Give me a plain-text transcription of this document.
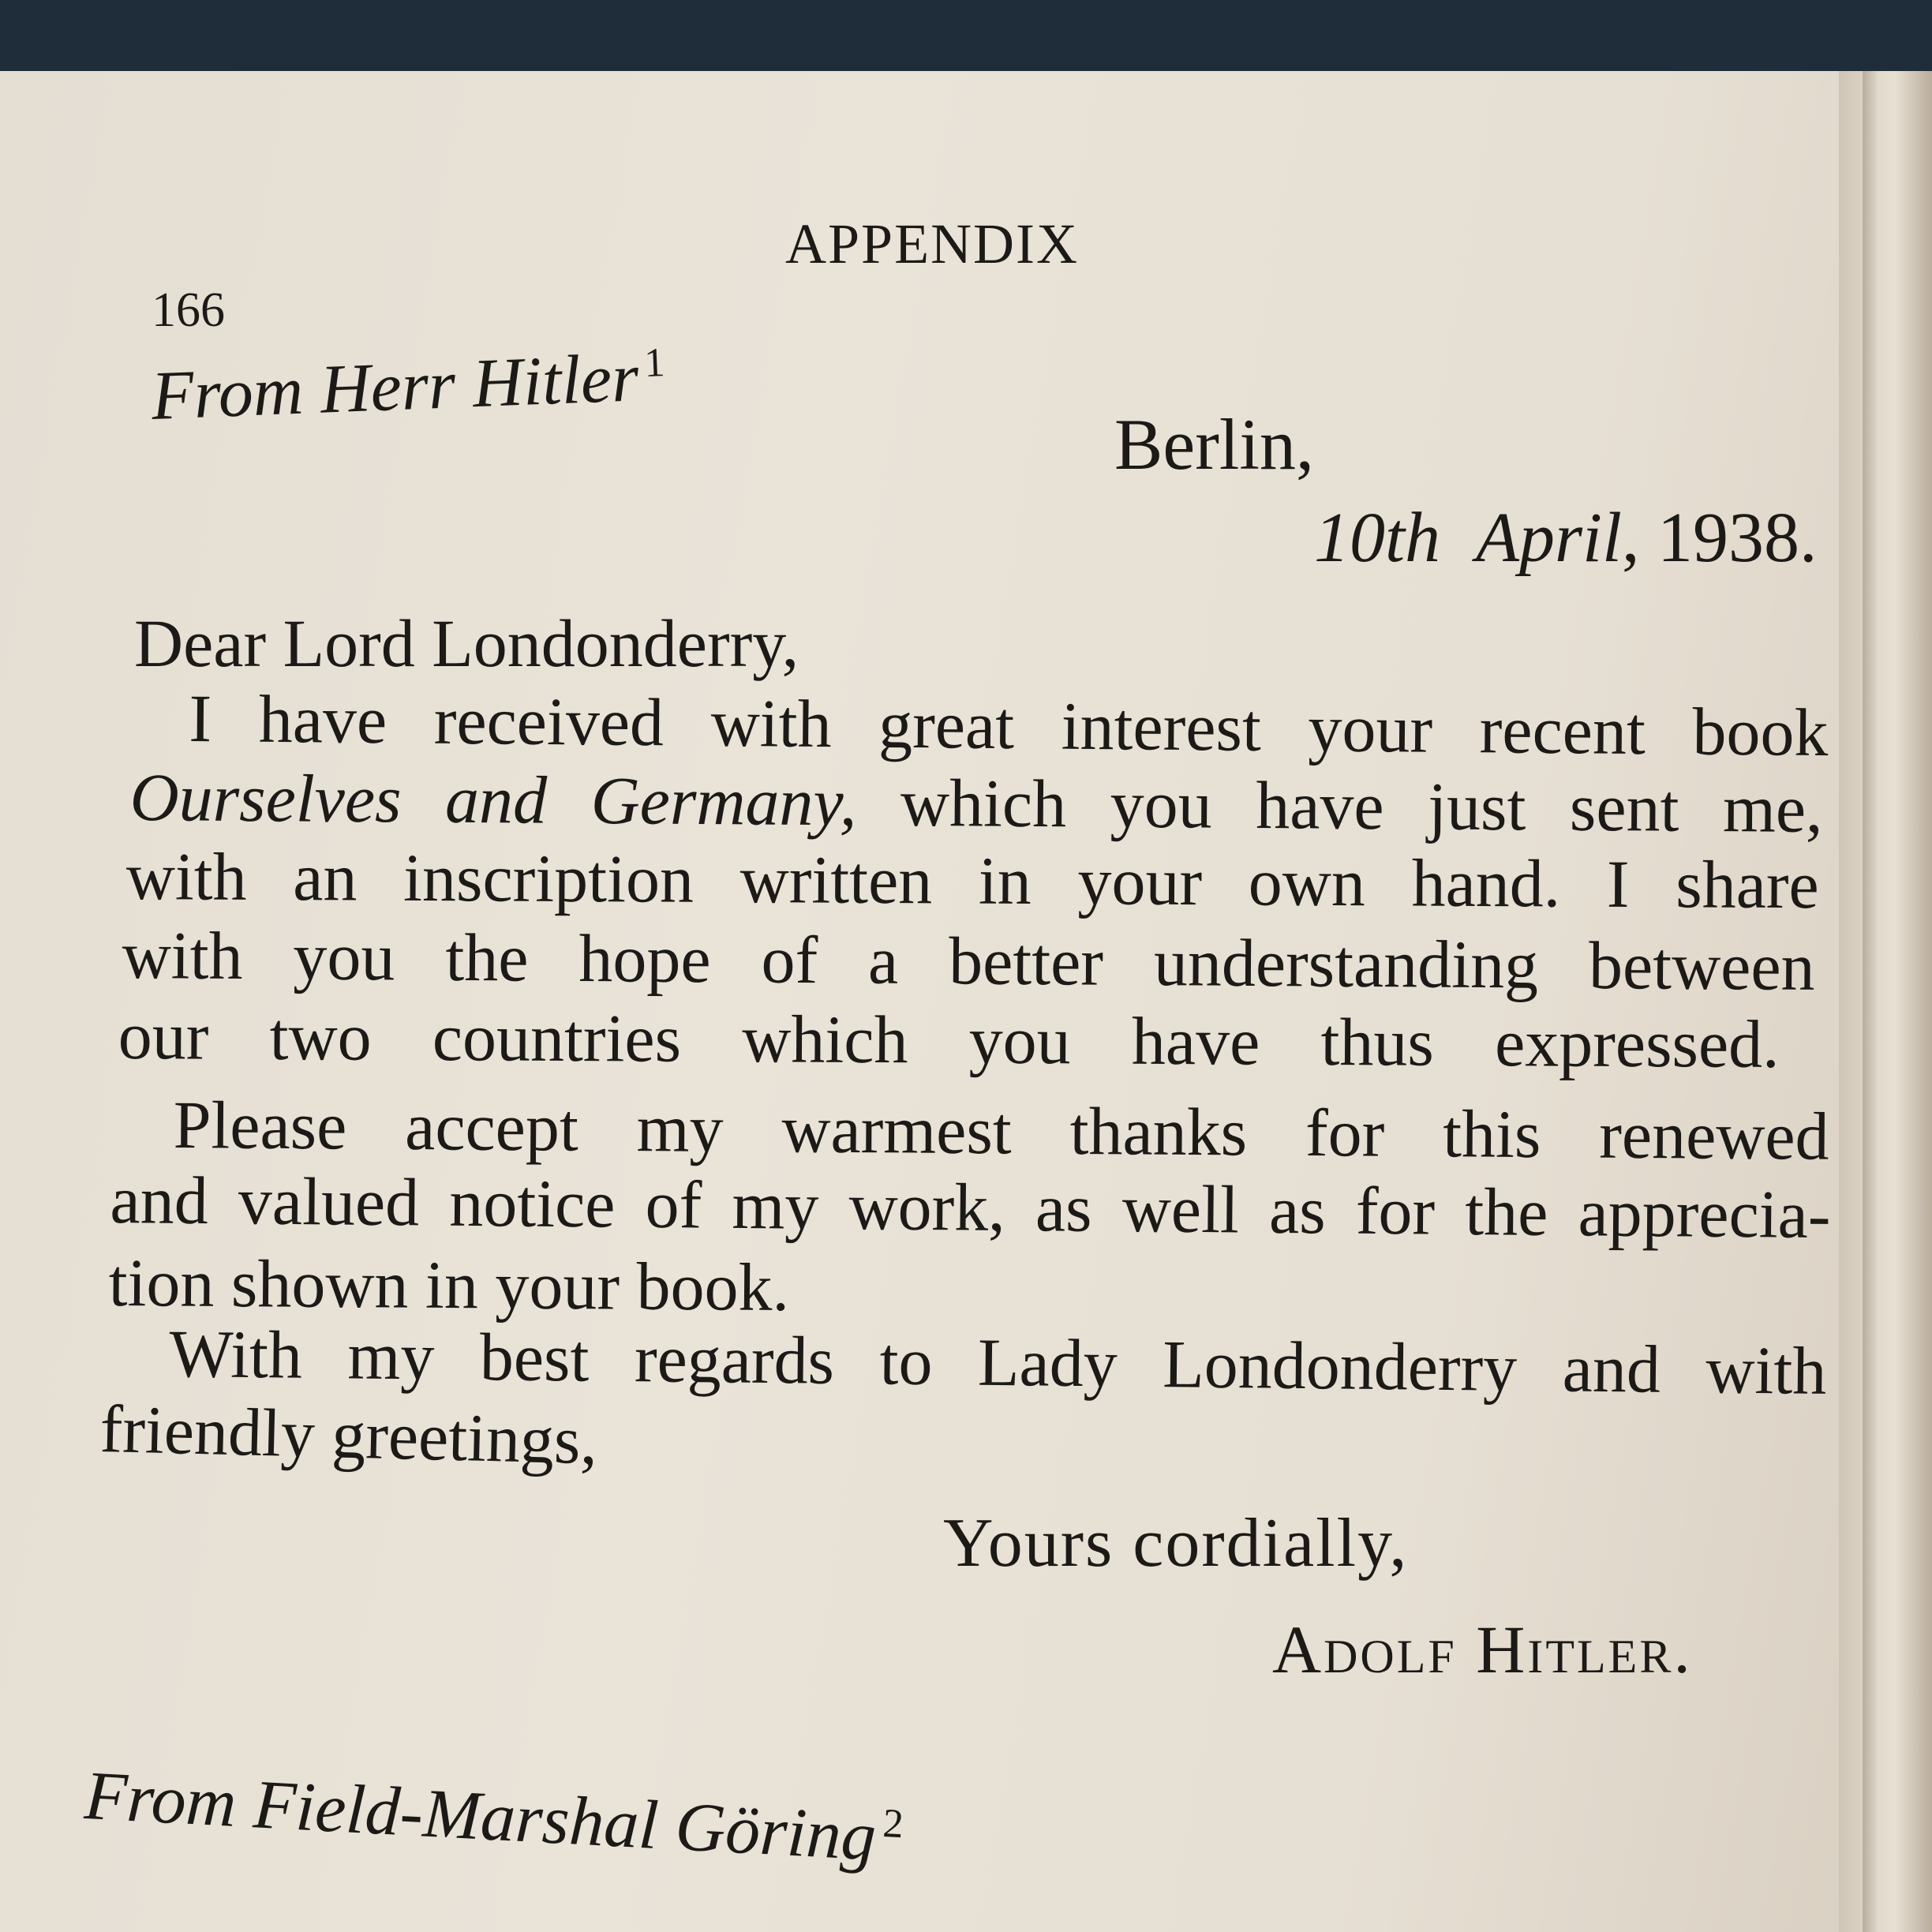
APPENDIX
166
From Herr Hitler$^1$
Berlin,
10th April, 1938.
Dear Lord Londonderry,
I have received with great interest your recent book
Ourselves and Germany, which you have just sent me,
with an inscription written in your own hand. I share
with you the hope of a better understanding between
our two countries which you have thus expressed.
Please accept my warmest thanks for this renewed
and valued notice of my work, as well as for the apprecia-
tion shown in your book.
With my best regards to Lady Londonderry and with
friendly greetings,
Yours cordially,
Adolf Hitler.
From Field-Marshal Göring$^2$
